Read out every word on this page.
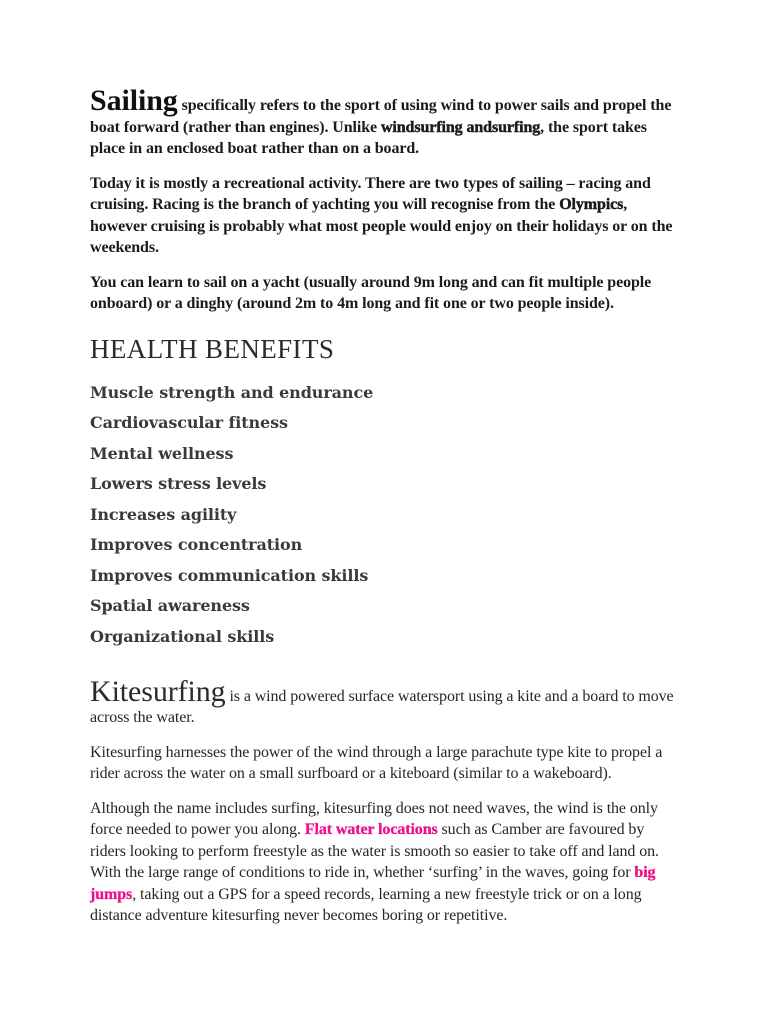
Sailing specifically refers to the sport of using wind to power sails and propel the boat forward (rather than engines). Unlike windsurfing andsurfing, the sport takes place in an enclosed boat rather than on a board.

Today it is mostly a recreational activity. There are two types of sailing – racing and cruising. Racing is the branch of yachting you will recognise from the Olympics, however cruising is probably what most people would enjoy on their holidays or on the weekends.

You can learn to sail on a yacht (usually around 9m long and can fit multiple people onboard) or a dinghy (around 2m to 4m long and fit one or two people inside).

HEALTH BENEFITS
Muscle strength and endurance
Cardiovascular fitness
Mental wellness
Lowers stress levels
Increases agility
Improves concentration
Improves communication skills
Spatial awareness
Organizational skills

Kitesurfing is a wind powered surface watersport using a kite and a board to move across the water.

Kitesurfing harnesses the power of the wind through a large parachute type kite to propel a rider across the water on a small surfboard or a kiteboard (similar to a wakeboard).

Although the name includes surfing, kitesurfing does not need waves, the wind is the only force needed to power you along. Flat water locations such as Camber are favoured by riders looking to perform freestyle as the water is smooth so easier to take off and land on. With the large range of conditions to ride in, whether ‘surfing’ in the waves, going for big jumps, taking out a GPS for a speed records, learning a new freestyle trick or on a long distance adventure kitesurfing never becomes boring or repetitive.
